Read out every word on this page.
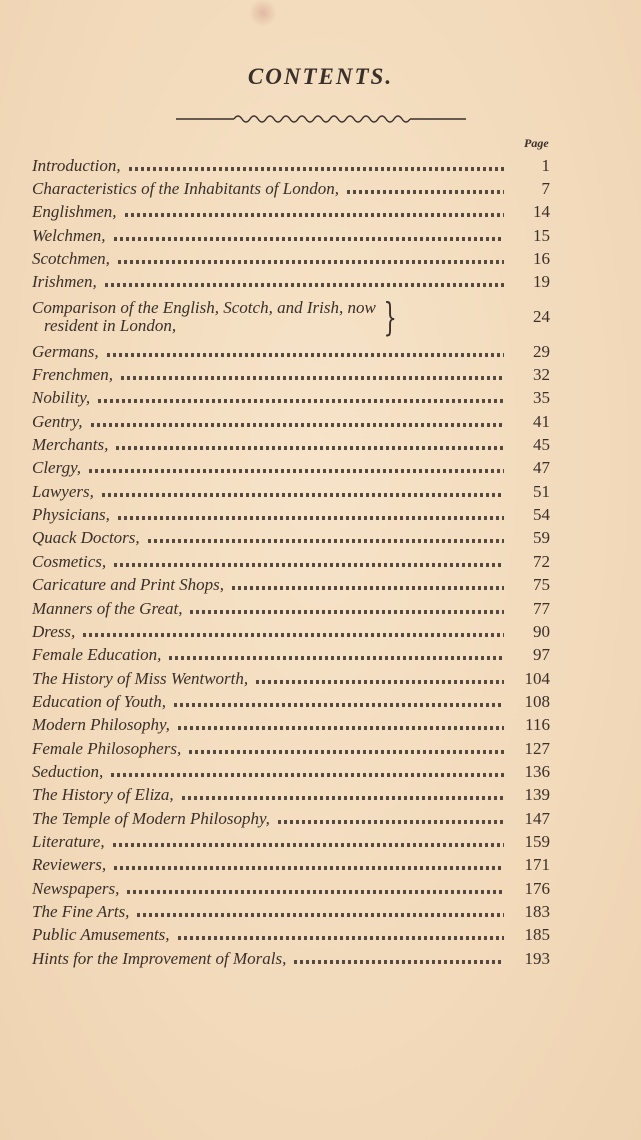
CONTENTS.
Page
Introduction,	1
Characteristics of the Inhabitants of London,	7
Englishmen,	14
Welchmen,	15
Scotchmen,	16
Irishmen,	19
Comparison of the English, Scotch, and Irish, now
resident in London,	}	24
Germans,	29
Frenchmen,	32
Nobility,	35
Gentry,	41
Merchants,	45
Clergy,	47
Lawyers,	51
Physicians,	54
Quack Doctors,	59
Cosmetics,	72
Caricature and Print Shops,	75
Manners of the Great,	77
Dress,	90
Female Education,	97
The History of Miss Wentworth,	104
Education of Youth,	108
Modern Philosophy,	116
Female Philosophers,	127
Seduction,	136
The History of Eliza,	139
The Temple of Modern Philosophy,	147
Literature,	159
Reviewers,	171
Newspapers,	176
The Fine Arts,	183
Public Amusements,	185
Hints for the Improvement of Morals,	193
